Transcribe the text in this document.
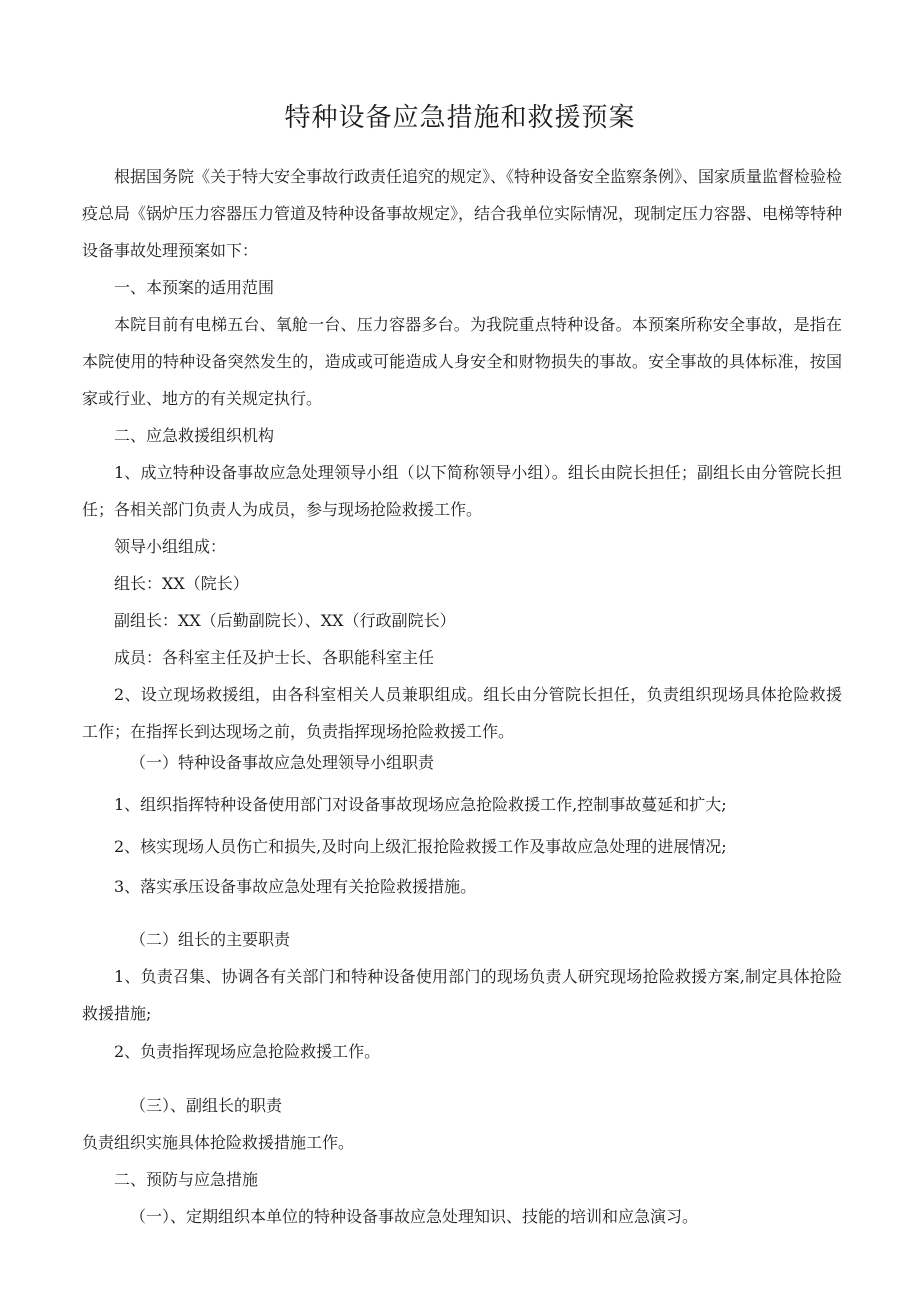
特种设备应急措施和救援预案

根据国务院《关于特大安全事故行政责任追究的规定》、《特种设备安全监察条例》、国家质量监督检验检疫总局《锅炉压力容器压力管道及特种设备事故规定》，结合我单位实际情况，现制定压力容器、电梯等特种设备事故处理预案如下：

一、本预案的适用范围

本院目前有电梯五台、氧舱一台、压力容器多台。为我院重点特种设备。本预案所称安全事故，是指在本院使用的特种设备突然发生的，造成或可能造成人身安全和财物损失的事故。安全事故的具体标准，按国家或行业、地方的有关规定执行。

二、应急救援组织机构

1、成立特种设备事故应急处理领导小组（以下简称领导小组）。组长由院长担任；副组长由分管院长担任；各相关部门负责人为成员，参与现场抢险救援工作。

领导小组组成：

组长：XX（院长）

副组长：XX（后勤副院长）、XX（行政副院长）

成员：各科室主任及护士长、各职能科室主任

2、设立现场救援组，由各科室相关人员兼职组成。组长由分管院长担任，负责组织现场具体抢险救援工作；在指挥长到达现场之前，负责指挥现场抢险救援工作。

（一）特种设备事故应急处理领导小组职责

1、组织指挥特种设备使用部门对设备事故现场应急抢险救援工作,控制事故蔓延和扩大;

2、核实现场人员伤亡和损失,及时向上级汇报抢险救援工作及事故应急处理的进展情况;

3、落实承压设备事故应急处理有关抢险救援措施。

（二）组长的主要职责

1、负责召集、协调各有关部门和特种设备使用部门的现场负责人研究现场抢险救援方案,制定具体抢险救援措施;

2、负责指挥现场应急抢险救援工作。

（三）、副组长的职责

负责组织实施具体抢险救援措施工作。

二、预防与应急措施

（一）、定期组织本单位的特种设备事故应急处理知识、技能的培训和应急演习。
